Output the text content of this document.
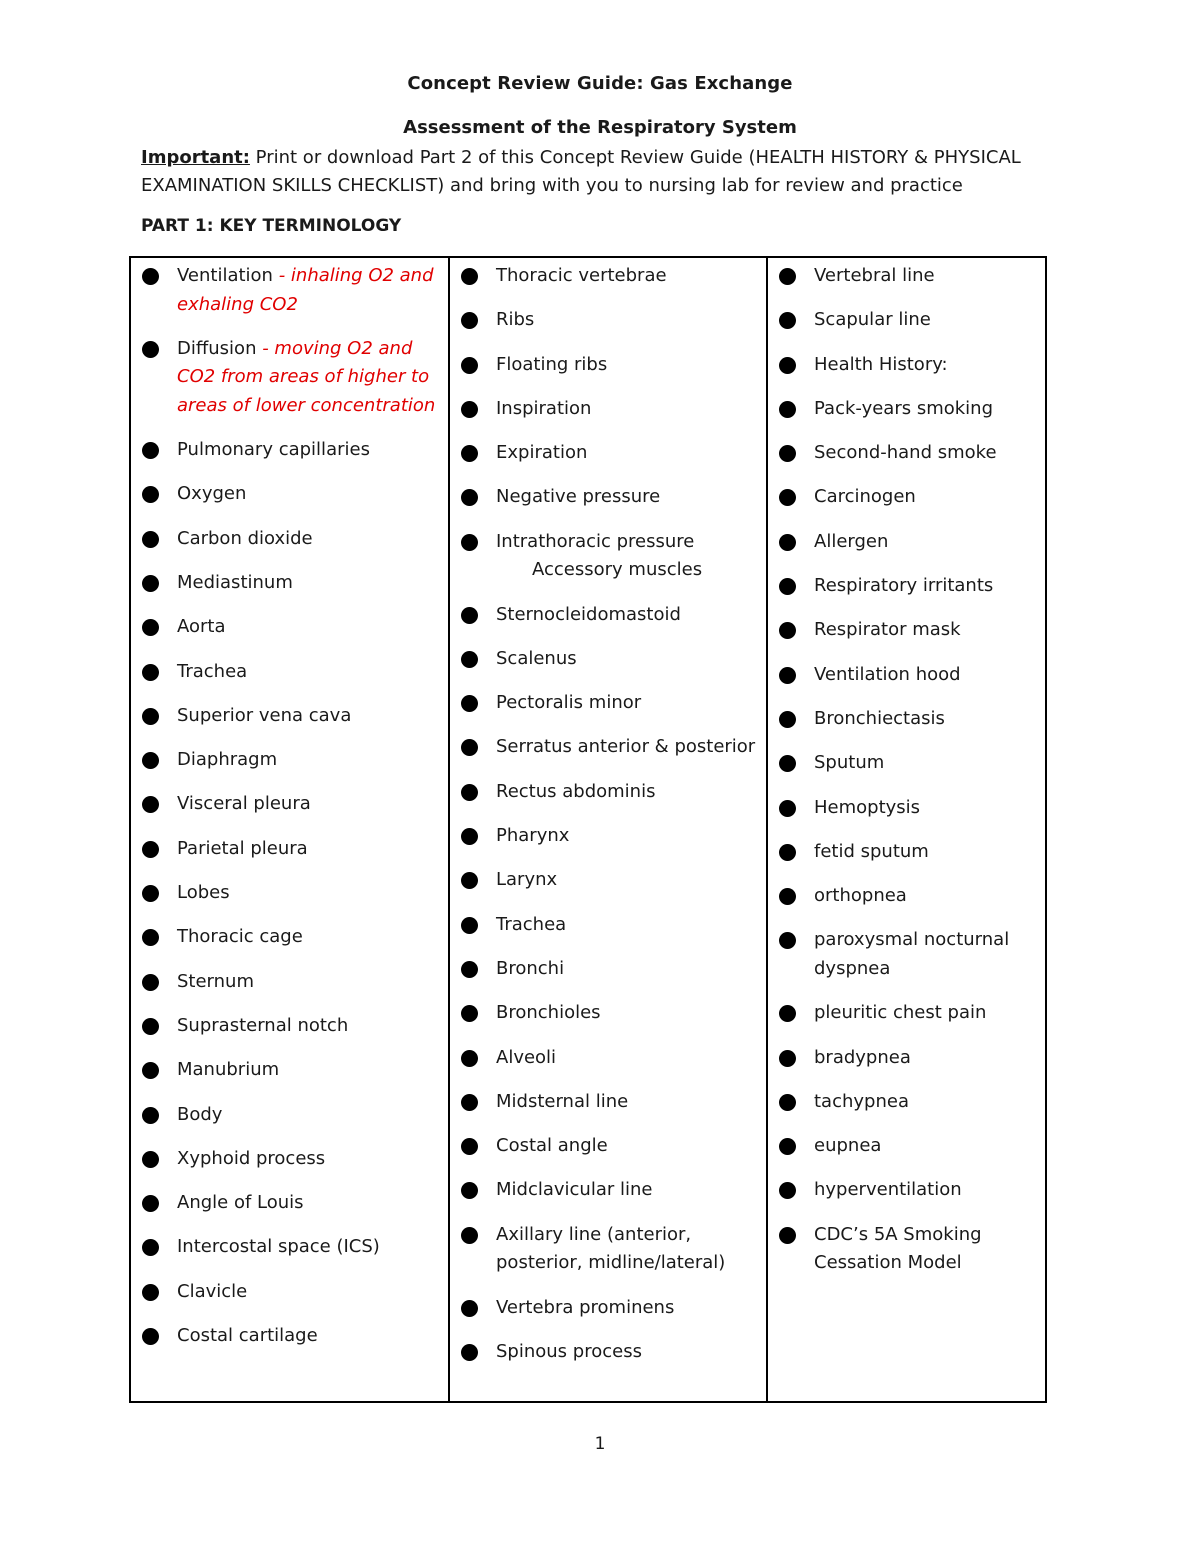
Concept Review Guide: Gas Exchange
Assessment of the Respiratory System
Important: Print or download Part 2 of this Concept Review Guide (HEALTH HISTORY & PHYSICAL EXAMINATION SKILLS CHECKLIST) and bring with you to nursing lab for review and practice
PART 1: KEY TERMINOLOGY
Ventilation - inhaling O2 and exhaling CO2
Diffusion - moving O2 and CO2 from areas of higher to areas of lower concentration
Pulmonary capillaries
Oxygen
Carbon dioxide
Mediastinum
Aorta
Trachea
Superior vena cava
Diaphragm
Visceral pleura
Parietal pleura
Lobes
Thoracic cage
Sternum
Suprasternal notch
Manubrium
Body
Xyphoid process
Angle of Louis
Intercostal space (ICS)
Clavicle
Costal cartilage
Thoracic vertebrae
Ribs
Floating ribs
Inspiration
Expiration
Negative pressure
Intrathoracic pressure
Accessory muscles
Sternocleidomastoid
Scalenus
Pectoralis minor
Serratus anterior & posterior
Rectus abdominis
Pharynx
Larynx
Trachea
Bronchi
Bronchioles
Alveoli
Midsternal line
Costal angle
Midclavicular line
Axillary line (anterior, posterior, midline/lateral)
Vertebra prominens
Spinous process
Vertebral line
Scapular line
Health History:
Pack-years smoking
Second-hand smoke
Carcinogen
Allergen
Respiratory irritants
Respirator mask
Ventilation hood
Bronchiectasis
Sputum
Hemoptysis
fetid sputum
orthopnea
paroxysmal nocturnal dyspnea
pleuritic chest pain
bradypnea
tachypnea
eupnea
hyperventilation
CDC’s 5A Smoking Cessation Model
1
